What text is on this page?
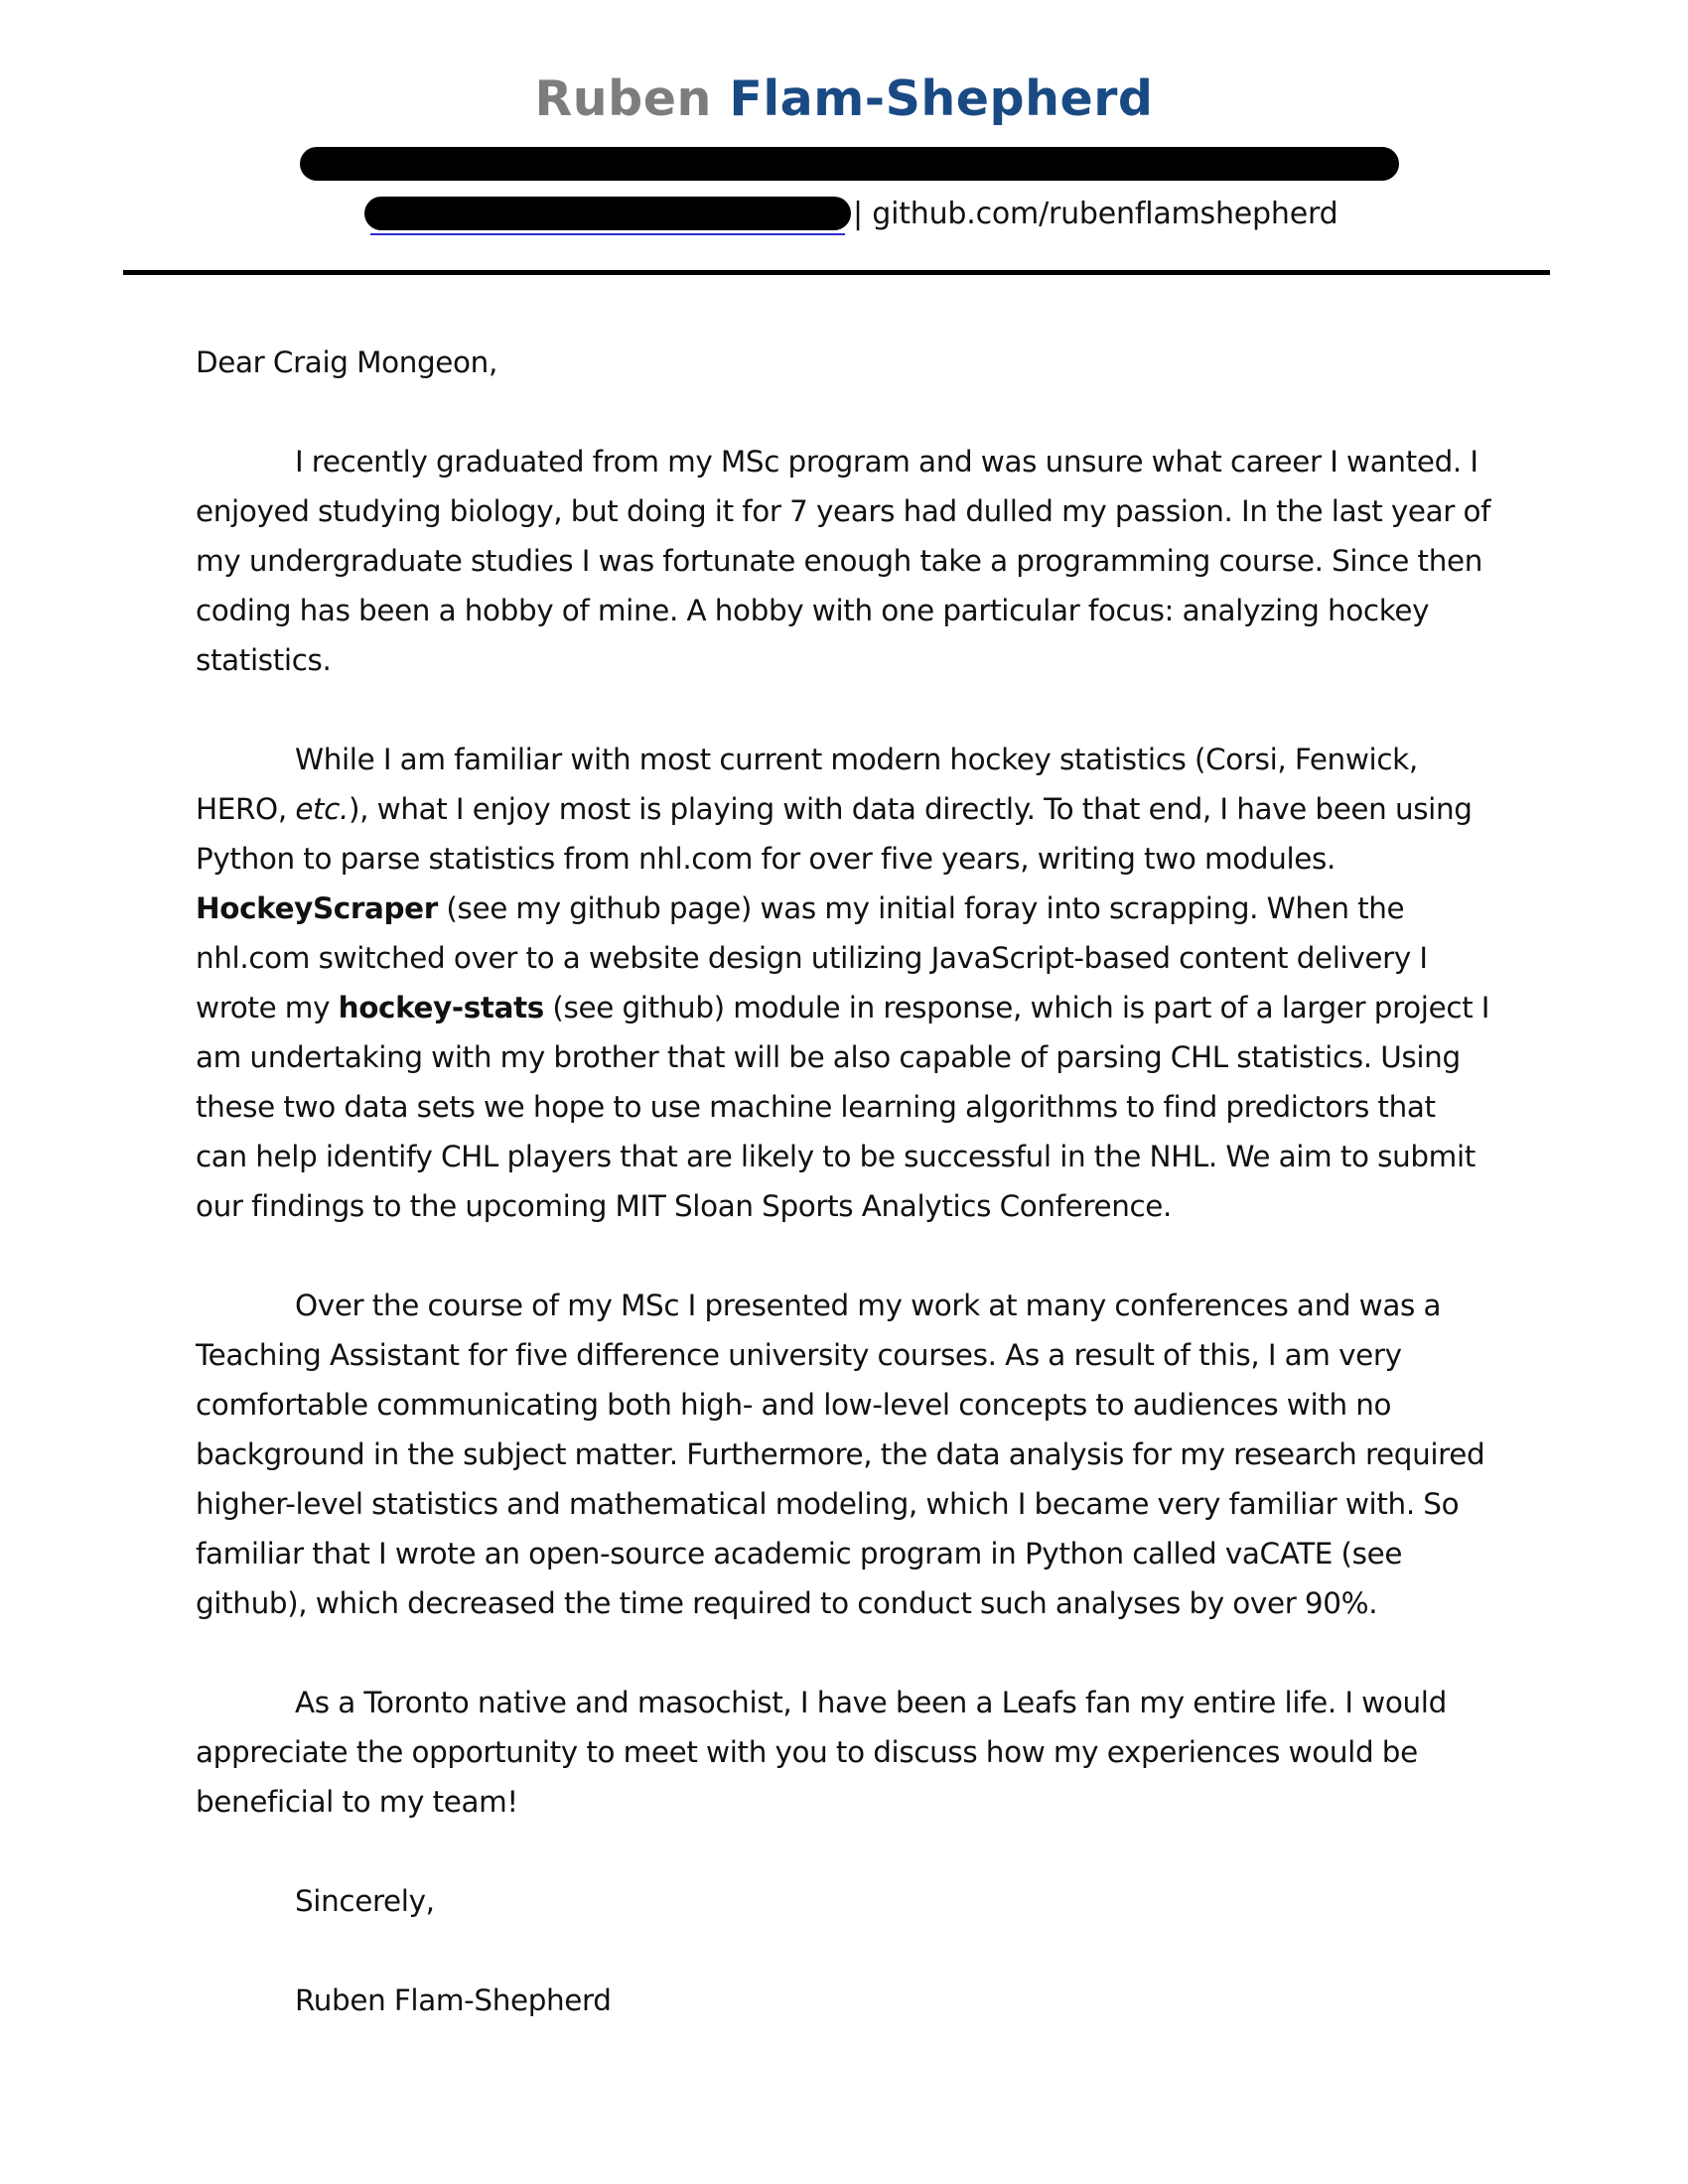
Ruben Flam-Shepherd
| github.com/rubenflamshepherd

Dear Craig Mongeon,

I recently graduated from my MSc program and was unsure what career I wanted. I enjoyed studying biology, but doing it for 7 years had dulled my passion. In the last year of my undergraduate studies I was fortunate enough take a programming course. Since then coding has been a hobby of mine. A hobby with one particular focus: analyzing hockey statistics.

While I am familiar with most current modern hockey statistics (Corsi, Fenwick, HERO, etc.), what I enjoy most is playing with data directly. To that end, I have been using Python to parse statistics from nhl.com for over five years, writing two modules. HockeyScraper (see my github page) was my initial foray into scrapping. When the nhl.com switched over to a website design utilizing JavaScript-based content delivery I wrote my hockey-stats (see github) module in response, which is part of a larger project I am undertaking with my brother that will be also capable of parsing CHL statistics. Using these two data sets we hope to use machine learning algorithms to find predictors that can help identify CHL players that are likely to be successful in the NHL. We aim to submit our findings to the upcoming MIT Sloan Sports Analytics Conference.

Over the course of my MSc I presented my work at many conferences and was a Teaching Assistant for five difference university courses. As a result of this, I am very comfortable communicating both high- and low-level concepts to audiences with no background in the subject matter. Furthermore, the data analysis for my research required higher-level statistics and mathematical modeling, which I became very familiar with. So familiar that I wrote an open-source academic program in Python called vaCATE (see github), which decreased the time required to conduct such analyses by over 90%.

As a Toronto native and masochist, I have been a Leafs fan my entire life. I would appreciate the opportunity to meet with you to discuss how my experiences would be beneficial to my team!

Sincerely,

Ruben Flam-Shepherd
